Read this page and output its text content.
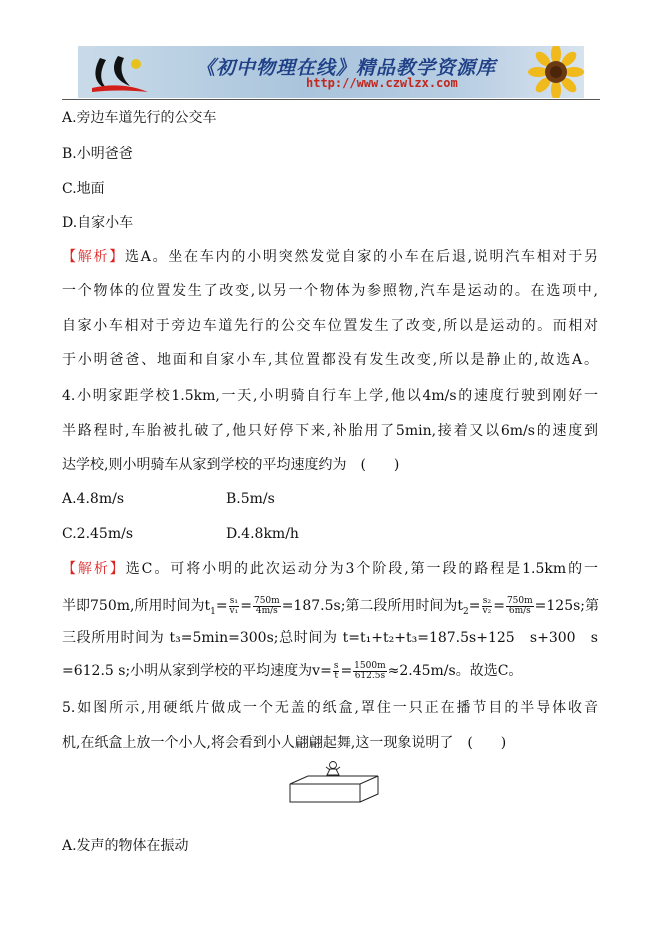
《初中物理在线》精品教学资源库
http://www.czwlzx.com
A.旁边车道先行的公交车
B.小明爸爸
C.地面
D.自家小车
【解析】选A。坐在车内的小明突然发觉自家的小车在后退,说明汽车相对于另
一个物体的位置发生了改变,以另一个物体为参照物,汽车是运动的。在选项中,
自家小车相对于旁边车道先行的公交车位置发生了改变,所以是运动的。而相对
于小明爸爸、地面和自家小车,其位置都没有发生改变,所以是静止的,故选A。
4.小明家距学校1.5km,一天,小明骑自行车上学,他以4m/s的速度行驶到刚好一
半路程时,车胎被扎破了,他只好停下来,补胎用了5min,接着又以6m/s的速度到
达学校,则小明骑车从家到学校的平均速度约为　(　　)
A.4.8m/s	B.5m/s
C.2.45m/s	D.4.8km/h
【解析】选C。可将小明的此次运动分为3个阶段,第一段的路程是1.5km的一
半即750m,所用时间为$t_1= \frac{\text{s₁}}{\text{v₁}} = \frac{750m}{4m/s} =187.5s$;第二段所用时间为$t_2= \frac{\text{s₂}}{\text{v₂}} = \frac{750m}{6m/s} =125s$;第
三段所用时间为 t₃=5min=300s;总时间为 t=t₁+t₂+t₃=187.5s+125　s+300　s
=612.5 s;小明从家到学校的平均速度为$v= \frac{s}{t} = \frac{1500m}{612.5s} \approx 2.45m/s$。故选C。
5.如图所示,用硬纸片做成一个无盖的纸盒,罩住一只正在播节目的半导体收音
机,在纸盒上放一个小人,将会看到小人翩翩起舞,这一现象说明了　(　　)
A.发声的物体在振动
